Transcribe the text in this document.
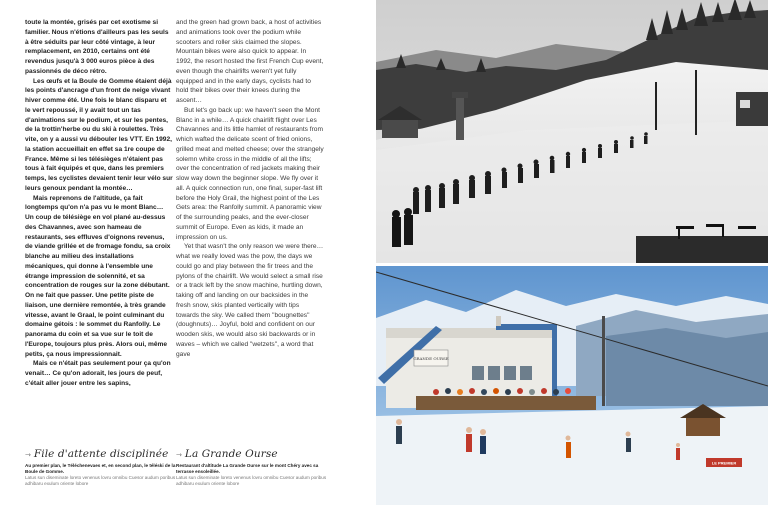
toute la montée, grisés par cet exotisme si familier. Nous n'étions d'ailleurs pas les seuls à être séduits par leur côté vintage, à leur remplacement, en 2010, certains ont été revendus jusqu'à 3 000 euros pièce à des passionnés de déco rétro.

Les œufs et la Boule de Gomme étaient déjà les points d'ancrage d'un front de neige vivant hiver comme été. Une fois le blanc disparu et le vert repoussé, il y avait tout un tas d'animations sur le podium, et sur les pentes, de la trottin'herbe ou du ski à roulettes. Très vite, on y a aussi vu débouler les VTT. En 1992, la station accueillait en effet sa 1re coupe de France. Même si les télésièges n'étaient pas tous à fait équipés et que, dans les premiers temps, les cyclistes devaient tenir leur vélo sur leurs genoux pendant la montée…

Mais reprenons de l'altitude, ça fait longtemps qu'on n'a pas vu le mont Blanc… Un coup de télésiège en vol plané au-dessus des Chavannes, avec son hameau de restaurants, ses effluves d'oignons revenus, de viande grillée et de fromage fondu, sa croix blanche au milieu des installations mécaniques, qui donne à l'ensemble une étrange impression de solennité, et sa concentration de rouges sur la zone débutant. On ne fait que passer. Une petite piste de liaison, une dernière remontée, à très grande vitesse, avant le Graal, le point culminant du domaine gétois : le sommet du Ranfolly. Le panorama du coin et sa vue sur le toit de l'Europe, toujours plus près. Alors oui, même petits, ça nous impressionnait.

Mais ce n'était pas seulement pour ça qu'on venait… Ce qu'on adorait, les jours de peuf, c'était aller jouer entre les sapins,

and the green had grown back, a host of activities and animations took over the podium while scooters and roller skis claimed the slopes. Mountain bikes were also quick to appear. In 1992, the resort hosted the first French Cup event, even though the chairlifts weren't yet fully equipped and in the early days, cyclists had to hold their bikes over their knees during the ascent…

But let's go back up: we haven't seen the Mont Blanc in a while… A quick chairlift flight over Les Chavannes and its little hamlet of restaurants from which wafted the delicate scent of fried onions, grilled meat and melted cheese; over the strangely solemn white cross in the middle of all the lifts; over the concentration of red jackets making their slow way down the beginner slope. We fly over it all. A quick connection run, one final, super-fast lift before the Holy Grail, the highest point of the Les Gets area: the Ranfolly summit. A panoramic view of the surrounding peaks, and the ever-closer summit of Europe. Even as kids, it made an impression on us.

Yet that wasn't the only reason we were there… what we really loved was the pow, the days we could go and play between the fir trees and the pylons of the chairlift. We would select a small rise or a track left by the snow machine, hurtling down, taking off and landing on our backsides in the fresh snow, skis planted vertically with tips towards the sky. We called them "bougnettes" (doughnuts)… Joyful, bold and confident on our wooden skis, we would also ski backwards or in waves – which we called "wetzets", a word that gave

⇾ File d'attente disciplinée
Au premier plan, le Téléchenevaes et, en second plan, le téléski de la Boule de Gomme.
Latus sun diseminate loreto venenus lovru omnibu Cuesor audum poribus adhibaru exulum oriente lobore
⇾ La Grande Ourse
Restaurant d'altitude La Grande Ourse sur le mont Chéry avec sa terrasse ensoleillée.
Latus sun diseminate loreto venenus lovru omnibu Cuesor audum poribus adhibaru exulum oriente lobore
GRANDE OURSE
LE PREMIER
